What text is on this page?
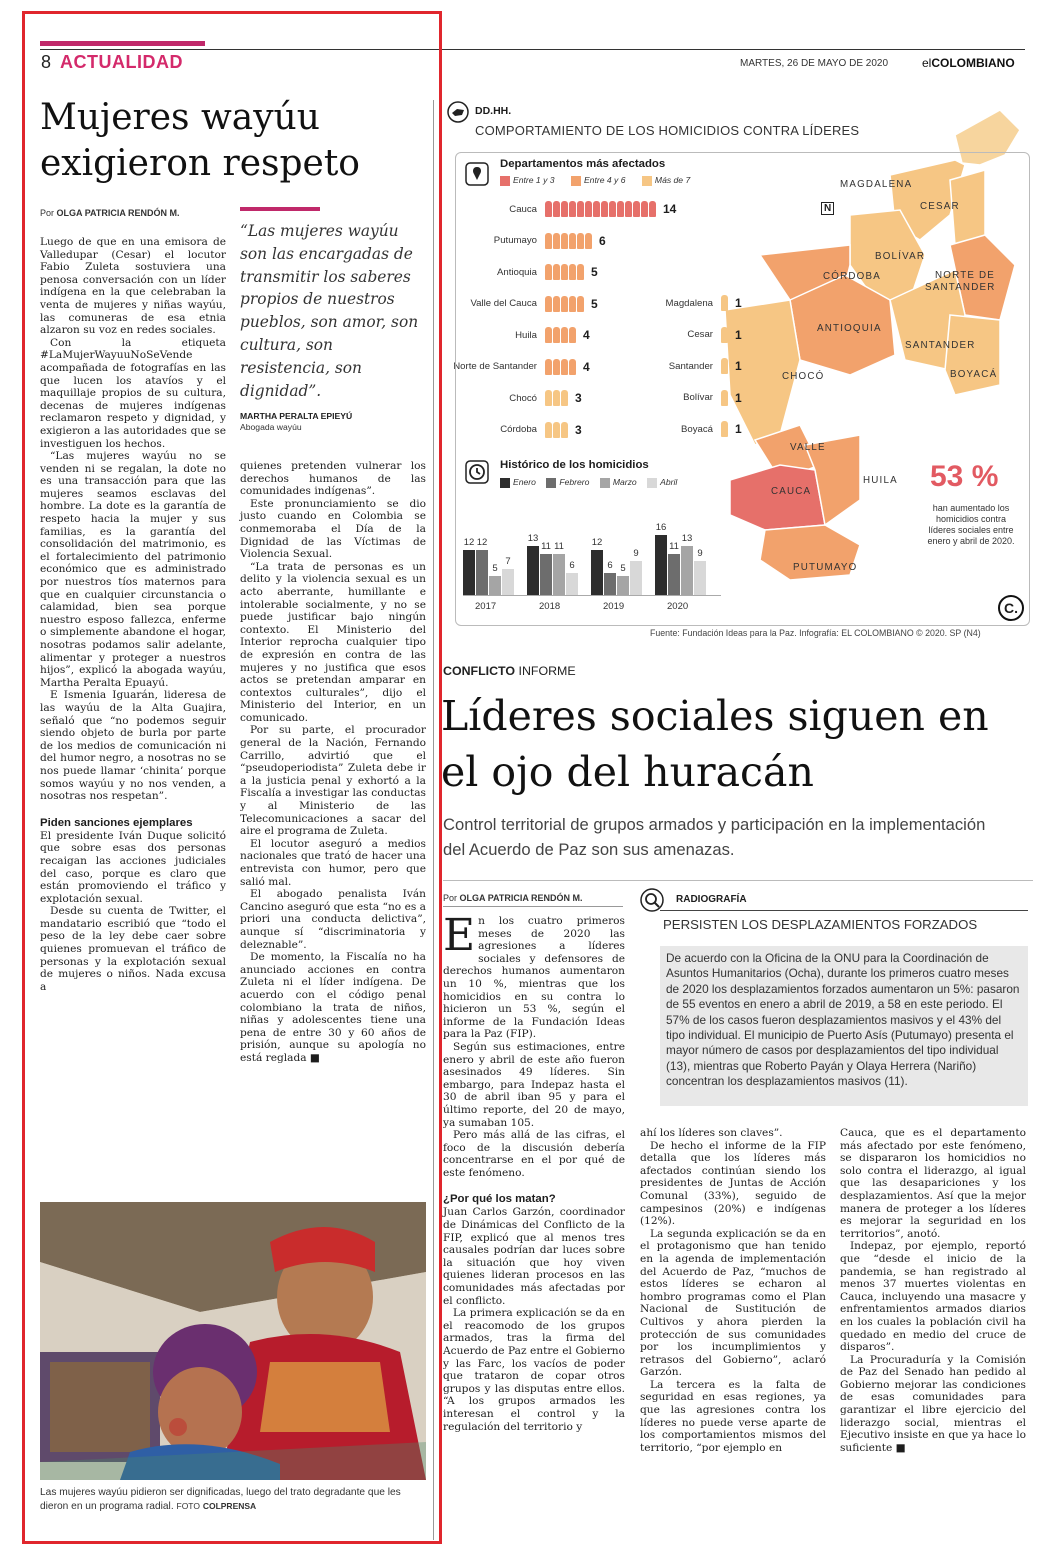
8 ACTUALIDAD	MARTES, 26 DE MAYO DE 2020	elCOLOMBIANO
Mujeres wayúu exigieron respeto
Por OLGA PATRICIA RENDÓN M.

Luego de que en una emisora de Valledupar (Cesar) el locutor Fabio Zuleta sostuviera una penosa conversación con un líder indígena en la que celebraban la venta de mujeres y niñas wayúu, las comuneras de esa etnia alzaron su voz en redes sociales.

Con la etiqueta #LaMujerWayuuNoSeVende acompañada de fotografías en las que lucen los atavíos y el maquillaje propios de su cultura, decenas de mujeres indígenas reclamaron respeto y dignidad, y exigieron a las autoridades que se investiguen los hechos.

“Las mujeres wayúu no se venden ni se regalan, la dote no es una transacción para que las mujeres seamos esclavas del hombre. La dote es la garantía de respeto hacia la mujer y sus familias, es la garantía del consolidación del matrimonio, es el fortalecimiento del patrimonio económico que es administrado por nuestros tíos maternos para que en cualquier circunstancia o calamidad, bien sea porque nuestro esposo fallezca, enferme o simplemente abandone el hogar, nosotras podamos salir adelante, alimentar y proteger a nuestros hijos”, explicó la abogada wayúu, Martha Peralta Epuayú.

E Ismenia Iguarán, lideresa de las wayúu de la Alta Guajira, señaló que “no podemos seguir siendo objeto de burla por parte de los medios de comunicación ni del humor negro, a nosotras no se nos puede llamar ‘chinita’ porque somos wayúu y no nos venden, a nosotras nos respetan”.

Piden sanciones ejemplares

El presidente Iván Duque solicitó que sobre esas dos personas recaigan las acciones judiciales del caso, porque es claro que están promoviendo el tráfico y explotación sexual.

Desde su cuenta de Twitter, el mandatario escribió que “todo el peso de la ley debe caer sobre quienes promuevan el tráfico de personas y la explotación sexual de mujeres o niños. Nada excusa a

“Las mujeres wayúu son las encargadas de transmitir los saberes propios de nuestros pueblos, son amor, son cultura, son resistencia, son dignidad”.
MARTHA PERALTA EPIEYÚ
Abogada wayúu

quienes pretenden vulnerar los derechos humanos de las comunidades indígenas”.

Este pronunciamiento se dio justo cuando en Colombia se conmemoraba el Día de la Dignidad de las Víctimas de Violencia Sexual.

“La trata de personas es un delito y la violencia sexual es un acto aberrante, humillante e intolerable socialmente, y no se puede justificar bajo ningún contexto. El Ministerio del Interior reprocha cualquier tipo de expresión en contra de las mujeres y no justifica que esos actos se pretendan amparar en contextos culturales”, dijo el Ministerio del Interior, en un comunicado.

Por su parte, el procurador general de la Nación, Fernando Carrillo, advirtió que el “pseudoperiodista” Zuleta debe ir a la justicia penal y exhortó a la Fiscalía a investigar las conductas y al Ministerio de las Telecomunicaciones a sacar del aire el programa de Zuleta.

El locutor aseguró a medios nacionales que trató de hacer una entrevista con humor, pero que salió mal.

El abogado penalista Iván Cancino aseguró que esta “no es a priori una conducta delictiva”, aunque sí “discriminatoria y deleznable”.

De momento, la Fiscalía no ha anunciado acciones en contra Zuleta ni el líder indígena. De acuerdo con el código penal colombiano la trata de niños, niñas y adolescentes tiene una pena de entre 30 y 60 años de prisión, aunque su apología no está reglada ■

Las mujeres wayúu pidieron ser dignificadas, luego del trato degradante que les dieron en un programa radial. FOTO COLPRENSA
DD.HH.
COMPORTAMIENTO DE LOS HOMICIDIOS CONTRA LÍDERES
MAGDALENA
CESAR
BOLÍVAR
NORTE DE
SANTANDER
CÓRDOBA
ANTIOQUIA
SANTANDER
BOYACÁ
CHOCÓ
VALLE
HUILA
CAUCA
PUTUMAYO
N
53 %
han aumentado los homicidios contra líderes sociales entre enero y abril de 2020.
C.
Departamentos más afectados
Entre 1 y 3	Entre 4 y 6	Más de 7
Cauca	14
Putumayo	6
Antioquia	5
Valle del Cauca	5
Huila	4
Norte de Santander	4
Chocó	3
Córdoba	3
Magdalena 1
Cesar 1
Santander 1
Bolívar 1
Boyacá 1
Histórico de los homicidios
Enero	Febrero	Marzo	Abril
12 12
5
7
2017
13
11 11
6
2018
12
6 5
9
2019
16
11
13
9
2020
Fuente: Fundación Ideas para la Paz. Infografía: EL COLOMBIANO © 2020. SP (N4)
CONFLICTO INFORME
Líderes sociales siguen en el ojo del huracán
Control territorial de grupos armados y participación en la implementación del Acuerdo de Paz son sus amenazas.
Por OLGA PATRICIA RENDÓN M.

En los cuatro primeros meses de 2020 las agresiones a líderes sociales y defensores de derechos humanos aumentaron un 10 %, mientras que los homicidios en su contra lo hicieron un 53 %, según el informe de la Fundación Ideas para la Paz (FIP).

Según sus estimaciones, entre enero y abril de este año fueron asesinados 49 líderes. Sin embargo, para Indepaz hasta el 30 de abril iban 95 y para el último reporte, del 20 de mayo, ya sumaban 105.

Pero más allá de las cifras, el foco de la discusión debería concentrarse en el por qué de este fenómeno.

¿Por qué los matan?

Juan Carlos Garzón, coordinador de Dinámicas del Conflicto de la FIP, explicó que al menos tres causales podrían dar luces sobre la situación que hoy viven quienes lideran procesos en las comunidades más afectadas por el conflicto.

La primera explicación se da en el reacomodo de los grupos armados, tras la firma del Acuerdo de Paz entre el Gobierno y las Farc, los vacíos de poder que trataron de copar otros grupos y las disputas entre ellos. “A los grupos armados les interesan el control y la regulación del territorio y

RADIOGRAFÍA
PERSISTEN LOS DESPLAZAMIENTOS FORZADOS
De acuerdo con la Oficina de la ONU para la Coordinación de Asuntos Humanitarios (Ocha), durante los primeros cuatro meses de 2020 los desplazamientos forzados aumentaron un 5%: pasaron de 55 eventos en enero a abril de 2019, a 58 en este periodo. El 57% de los casos fueron desplazamientos masivos y el 43% del tipo individual. El municipio de Puerto Asís (Putumayo) presenta el mayor número de casos por desplazamientos del tipo individual (13), mientras que Roberto Payán y Olaya Herrera (Nariño) concentran los desplazamientos masivos (11).

ahí los líderes son claves”.

De hecho el informe de la FIP detalla que los líderes más afectados continúan siendo los presidentes de Juntas de Acción Comunal (33%), seguido de campesinos (20%) e indígenas (12%).

La segunda explicación se da en el protagonismo que han tenido en la agenda de implementación del Acuerdo de Paz, “muchos de estos líderes se echaron al hombro programas como el Plan Nacional de Sustitución de Cultivos y ahora pierden la protección de sus comunidades por los incumplimientos y retrasos del Gobierno”, aclaró Garzón.

La tercera es la falta de seguridad en esas regiones, ya que las agresiones contra los líderes no puede verse aparte de los comportamientos mismos del territorio, “por ejemplo en

Cauca, que es el departamento más afectado por este fenómeno, se dispararon los homicidios no solo contra el liderazgo, al igual que las desapariciones y los desplazamientos. Así que la mejor manera de proteger a los líderes es mejorar la seguridad en los territorios”, anotó.

Indepaz, por ejemplo, reportó que “desde el inicio de la pandemia, se han registrado al menos 37 muertes violentas en Cauca, incluyendo una masacre y enfrentamientos armados diarios en los cuales la población civil ha quedado en medio del cruce de disparos”.

La Procuraduría y la Comisión de Paz del Senado han pedido al Gobierno mejorar las condiciones de esas comunidades para garantizar el libre ejercicio del liderazgo social, mientras el Ejecutivo insiste en que ya hace lo suficiente ■
